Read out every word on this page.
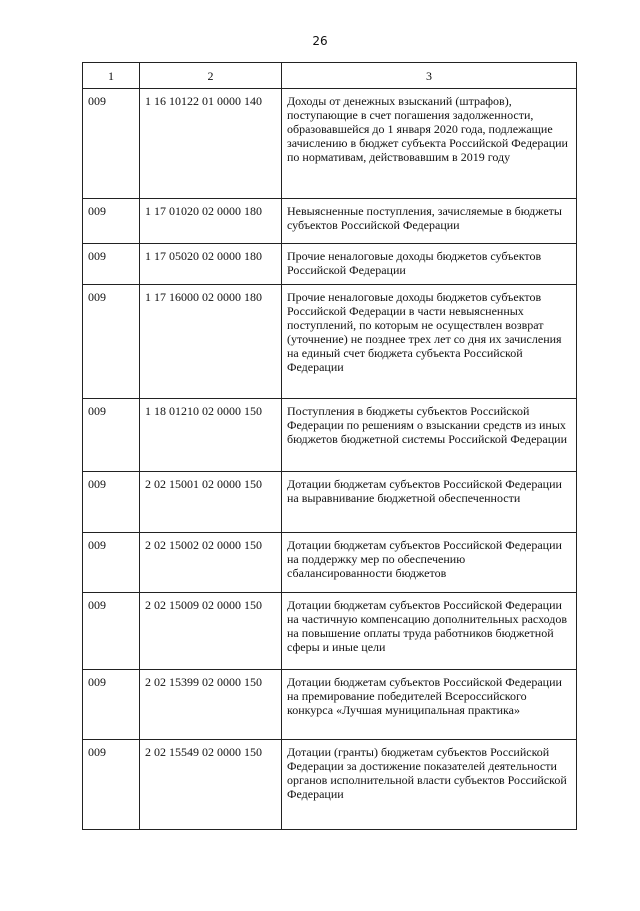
26
1	2	3
009	1 16 10122 01 0000 140	Доходы от денежных взысканий (штрафов), поступающие в счет погашения задолженности, образовавшейся до 1 января 2020 года, подлежащие зачислению в бюджет субъекта Российской Федерации по нормативам, действовавшим в 2019 году
009	1 17 01020 02 0000 180	Невыясненные поступления, зачисляемые в бюджеты субъектов Российской Федерации
009	1 17 05020 02 0000 180	Прочие неналоговые доходы бюджетов субъектов Российской Федерации
009	1 17 16000 02 0000 180	Прочие неналоговые доходы бюджетов субъектов Российской Федерации в части невыясненных поступлений, по которым не осуществлен возврат (уточнение) не позднее трех лет со дня их зачисления на единый счет бюджета субъекта Российской Федерации
009	1 18 01210 02 0000 150	Поступления в бюджеты субъектов Российской Федерации по решениям о взыскании средств из иных бюджетов бюджетной системы Российской Федерации
009	2 02 15001 02 0000 150	Дотации бюджетам субъектов Российской Федерации на выравнивание бюджетной обеспеченности
009	2 02 15002 02 0000 150	Дотации бюджетам субъектов Российской Федерации на поддержку мер по обеспечению сбалансированности бюджетов
009	2 02 15009 02 0000 150	Дотации бюджетам субъектов Российской Федерации на частичную компенсацию дополнительных расходов на повышение оплаты труда работников бюджетной сферы и иные цели
009	2 02 15399 02 0000 150	Дотации бюджетам субъектов Российской Федерации на премирование победителей Всероссийского конкурса «Лучшая муниципальная практика»
009	2 02 15549 02 0000 150	Дотации (гранты) бюджетам субъектов Российской Федерации за достижение показателей деятельности органов исполнительной власти субъектов Российской Федерации
